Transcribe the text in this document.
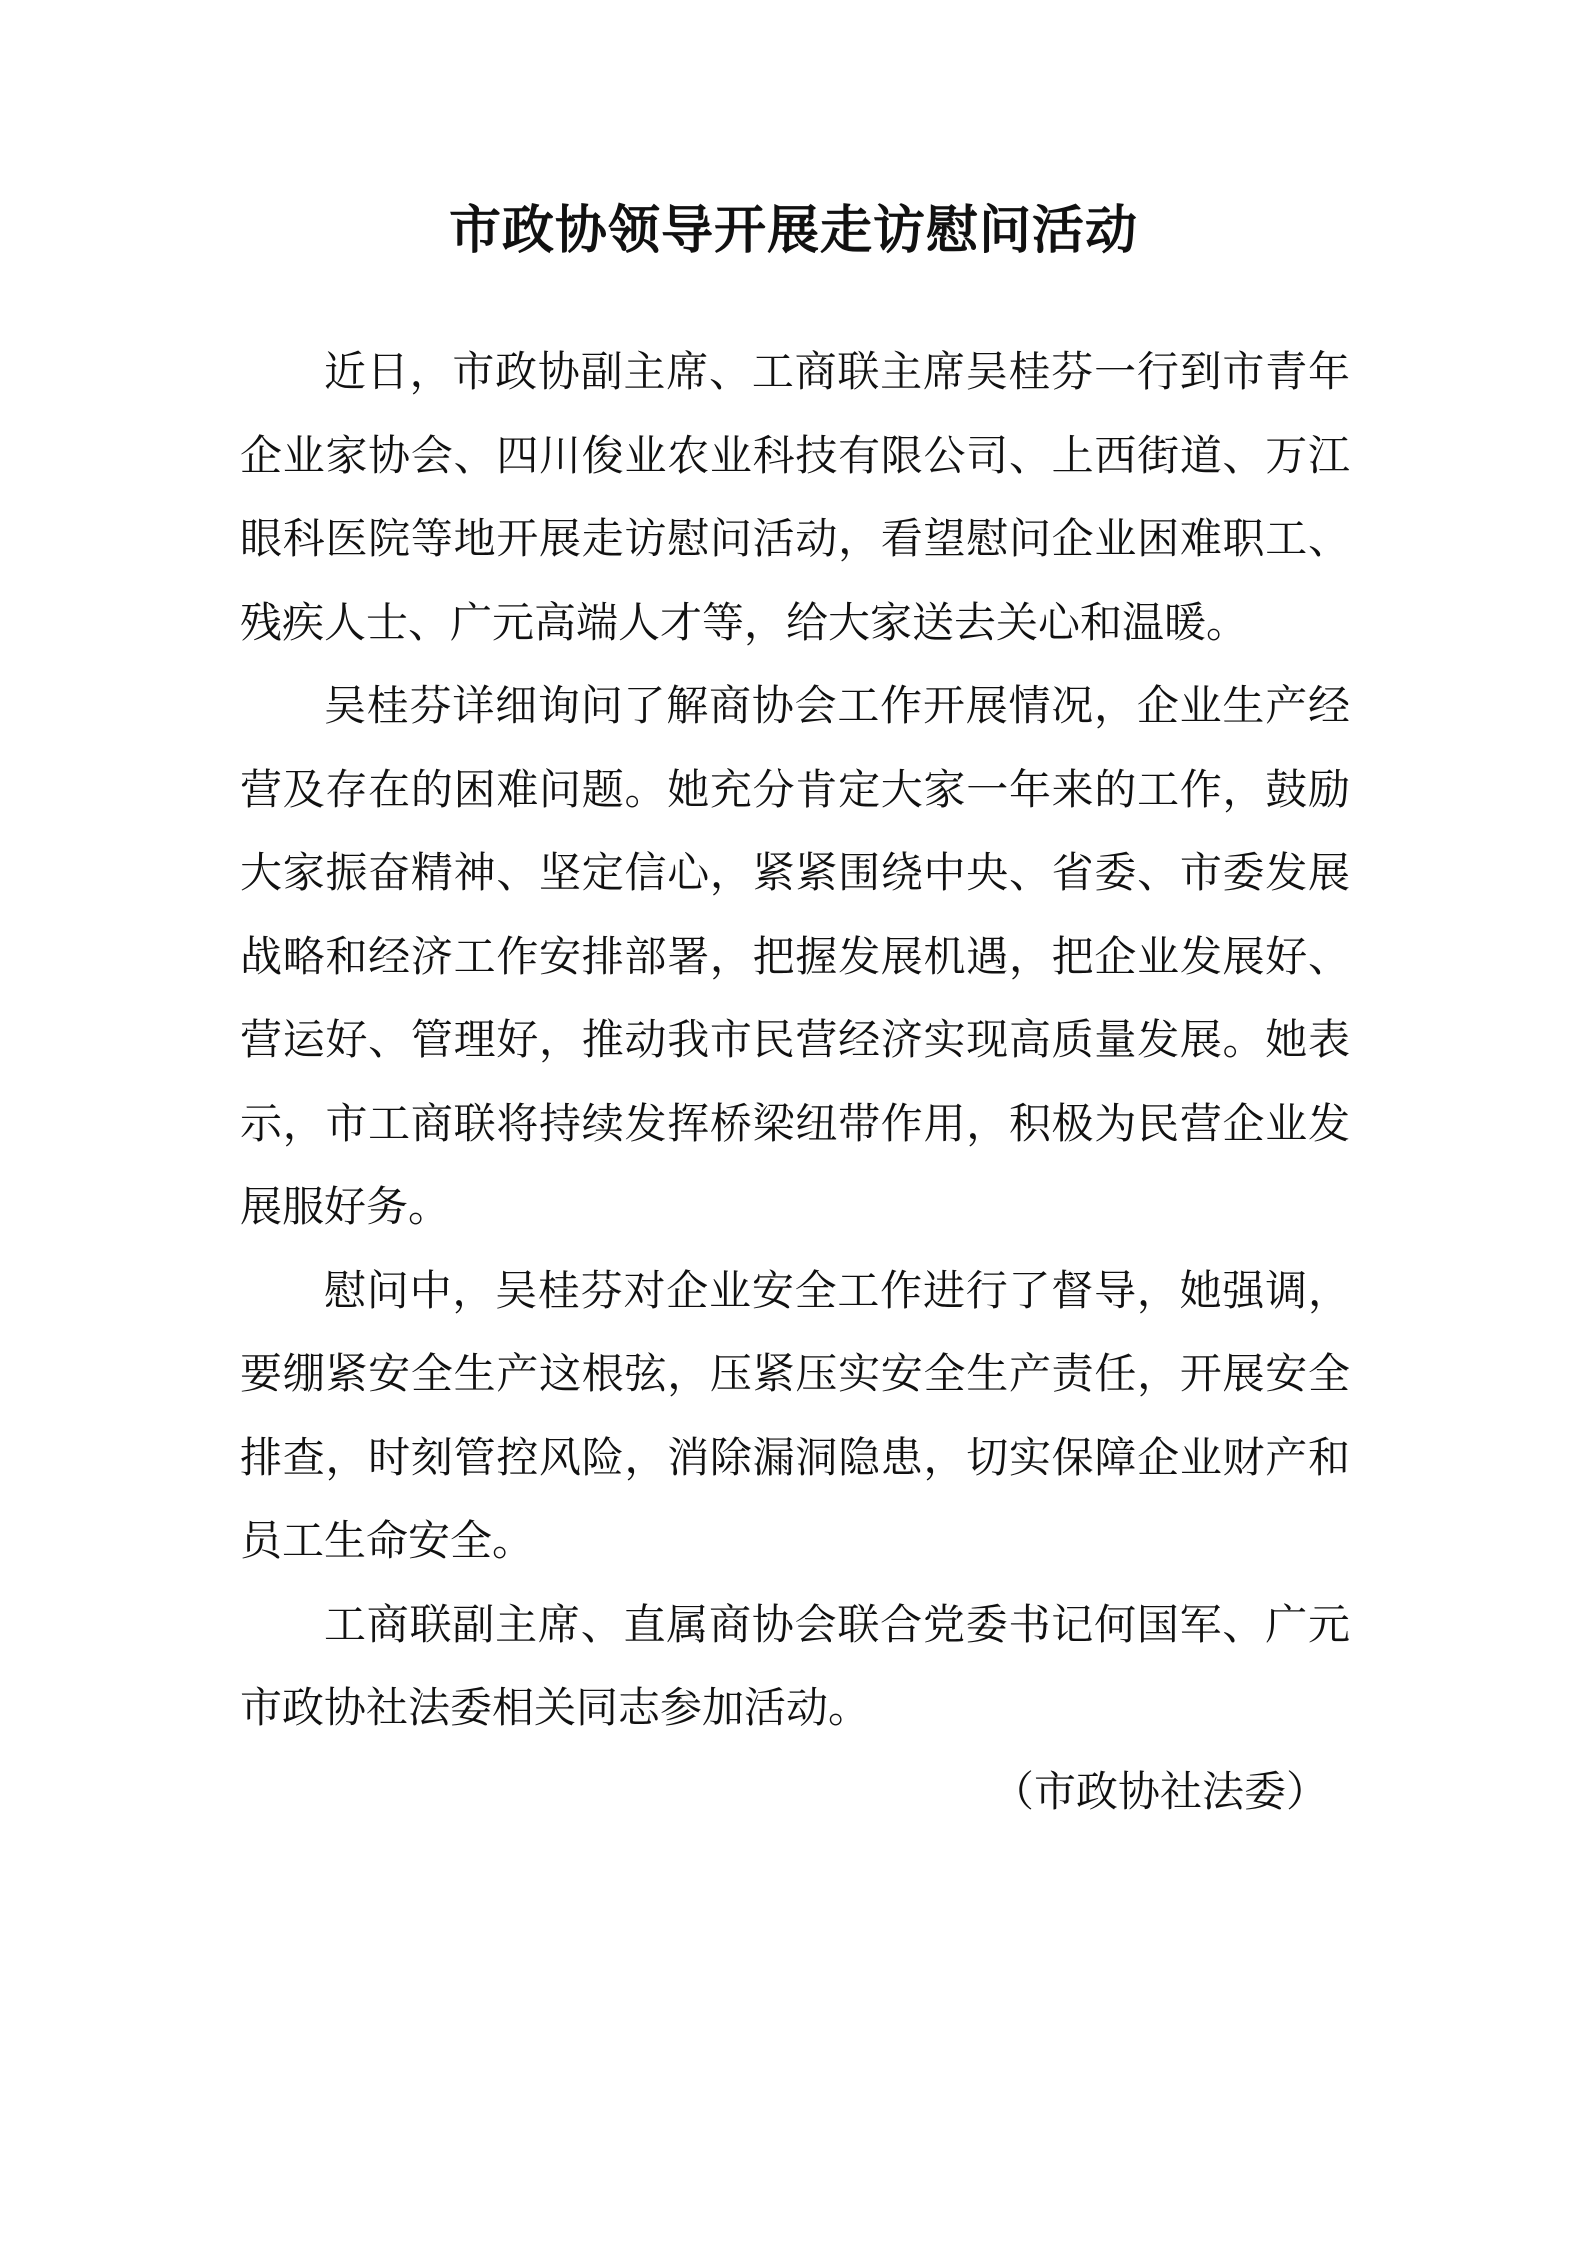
市政协领导开展走访慰问活动

近日，市政协副主席、工商联主席吴桂芬一行到市青年企业家协会、四川俊业农业科技有限公司、上西街道、万江眼科医院等地开展走访慰问活动，看望慰问企业困难职工、残疾人士、广元高端人才等，给大家送去关心和温暖。

吴桂芬详细询问了解商协会工作开展情况，企业生产经营及存在的困难问题。她充分肯定大家一年来的工作，鼓励大家振奋精神、坚定信心，紧紧围绕中央、省委、市委发展战略和经济工作安排部署，把握发展机遇，把企业发展好、营运好、管理好，推动我市民营经济实现高质量发展。她表示，市工商联将持续发挥桥梁纽带作用，积极为民营企业发展服好务。

慰问中，吴桂芬对企业安全工作进行了督导，她强调，要绷紧安全生产这根弦，压紧压实安全生产责任，开展安全排查，时刻管控风险，消除漏洞隐患，切实保障企业财产和员工生命安全。

工商联副主席、直属商协会联合党委书记何国军、广元市政协社法委相关同志参加活动。

（市政协社法委）
